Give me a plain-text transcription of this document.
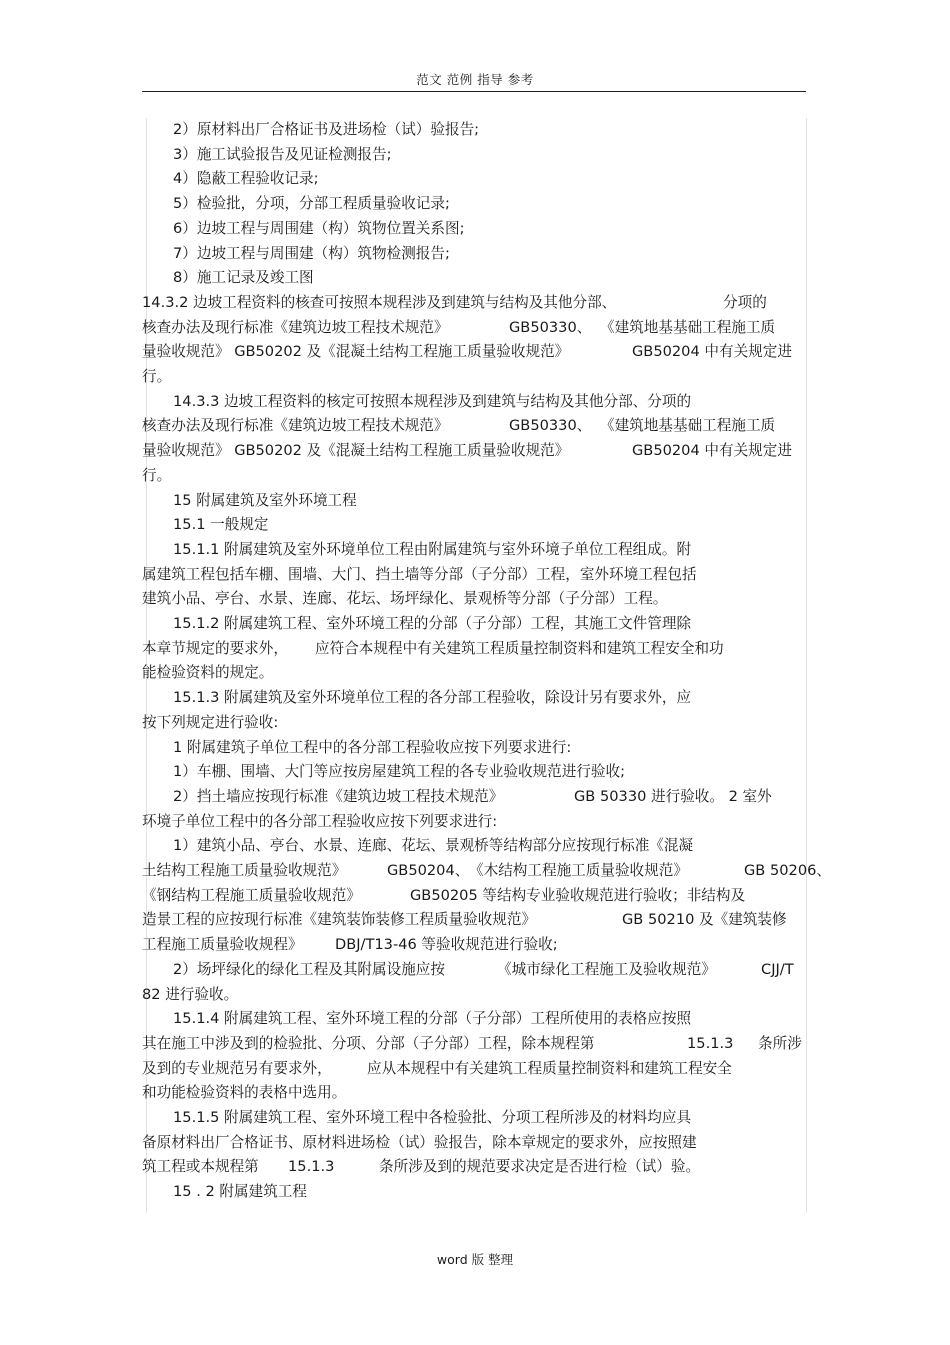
范文 范例 指导 参考
2）原材料出厂合格证书及进场检（试）验报告;
3）施工试验报告及见证检测报告;
4）隐蔽工程验收记录;
5）检验批，分项，分部工程质量验收记录;
6）边坡工程与周围建（构）筑物位置关系图;
7）边坡工程与周围建（构）筑物检测报告;
8）施工记录及竣工图
14.3.2 边坡工程资料的核查可按照本规程涉及到建筑与结构及其他分部、	分项的
核查办法及现行标准《建筑边坡工程技术规范》	GB50330、 《建筑地基基础工程施工质
量验收规范》 GB50202 及《混凝土结构工程施工质量验收规范》	GB50204 中有关规定进
行。
14.3.3 边坡工程资料的核定可按照本规程涉及到建筑与结构及其他分部、分项的
核查办法及现行标准《建筑边坡工程技术规范》	GB50330、 《建筑地基基础工程施工质
量验收规范》 GB50202 及《混凝土结构工程施工质量验收规范》	GB50204 中有关规定进
行。
15 附属建筑及室外环境工程
15.1 一般规定
15.1.1 附属建筑及室外环境单位工程由附属建筑与室外环境子单位工程组成。附
属建筑工程包括车棚、围墙、大门、挡土墙等分部（子分部）工程，室外环境工程包括
建筑小品、亭台、水景、连廊、花坛、场坪绿化、景观桥等分部（子分部）工程。
15.1.2 附属建筑工程、室外环境工程的分部（子分部）工程，其施工文件管理除
本章节规定的要求外， 应符合本规程中有关建筑工程质量控制资料和建筑工程安全和功
能检验资料的规定。
15.1.3 附属建筑及室外环境单位工程的各分部工程验收，除设计另有要求外，应
按下列规定进行验收:
1 附属建筑子单位工程中的各分部工程验收应按下列要求进行:
1）车棚、围墙、大门等应按房屋建筑工程的各专业验收规范进行验收;
2）挡土墙应按现行标准《建筑边坡工程技术规范》	GB 50330 进行验收。 2 室外
环境子单位工程中的各分部工程验收应按下列要求进行:
1）建筑小品、亭台、水景、连廊、花坛、景观桥等结构部分应按现行标准《混凝
土结构工程施工质量验收规范》	GB50204、 《木结构工程施工质量验收规范》	GB 50206、
《钢结构工程施工质量验收规范》	GB50205 等结构专业验收规范进行验收；非结构及
造景工程的应按现行标准《建筑装饰装修工程质量验收规范》	GB 50210 及《建筑装修
工程施工质量验收规程》 DBJ/T13-46 等验收规范进行验收;
2）场坪绿化的绿化工程及其附属设施应按	《城市绿化工程施工及验收规范》	CJJ/T
82 进行验收。
15.1.4 附属建筑工程、室外环境工程的分部（子分部）工程所使用的表格应按照
其在施工中涉及到的检验批、分项、分部（子分部）工程，除本规程第	15.1.3 条所涉
及到的专业规范另有要求外， 应从本规程中有关建筑工程质量控制资料和建筑工程安全
和功能检验资料的表格中选用。
15.1.5 附属建筑工程、室外环境工程中各检验批、分项工程所涉及的材料均应具
备原材料出厂合格证书、原材料进场检（试）验报告，除本章规定的要求外，应按照建
筑工程或本规程第 15.1.3	条所涉及到的规范要求决定是否进行检（试）验。
15 . 2 附属建筑工程
word 版 整理
